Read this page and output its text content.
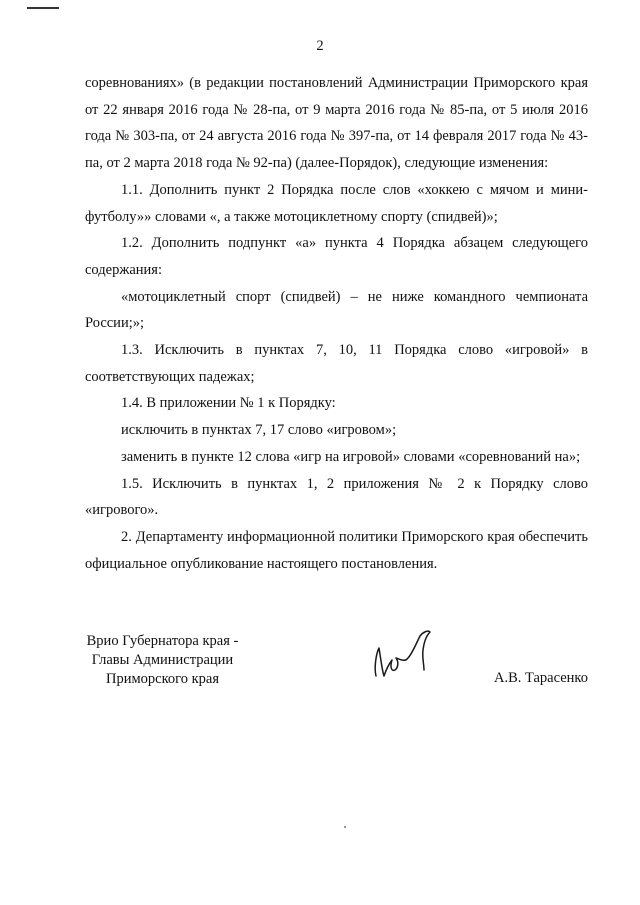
2

соревнованиях» (в редакции постановлений Администрации Приморского края от 22 января 2016 года № 28-па, от 9 марта 2016 года № 85-па, от 5 июля 2016 года № 303-па, от 24 августа 2016 года № 397-па, от 14 февраля 2017 года № 43-па, от 2 марта 2018 года № 92-па) (далее-Порядок), следующие изменения:

1.1. Дополнить пункт 2 Порядка после слов «хоккею с мячом и мини-футболу»» словами «, а также мотоциклетному спорту (спидвей)»;

1.2. Дополнить подпункт «а» пункта 4 Порядка абзацем следующего содержания:

«мотоциклетный спорт (спидвей) – не ниже командного чемпионата России;»;

1.3. Исключить в пунктах 7, 10, 11 Порядка слово «игровой» в соответствующих падежах;

1.4. В приложении № 1 к Порядку:

исключить в пунктах 7, 17 слово «игровом»;

заменить в пункте 12 слова «игр на игровой» словами «соревнований на»;

1.5. Исключить в пунктах 1, 2 приложения № 2 к Порядку слово «игрового».

2. Департаменту информационной политики Приморского края обеспечить официальное опубликование настоящего постановления.

Врио Губернатора края -
Главы Администрации
Приморского края	А.В. Тарасенко
